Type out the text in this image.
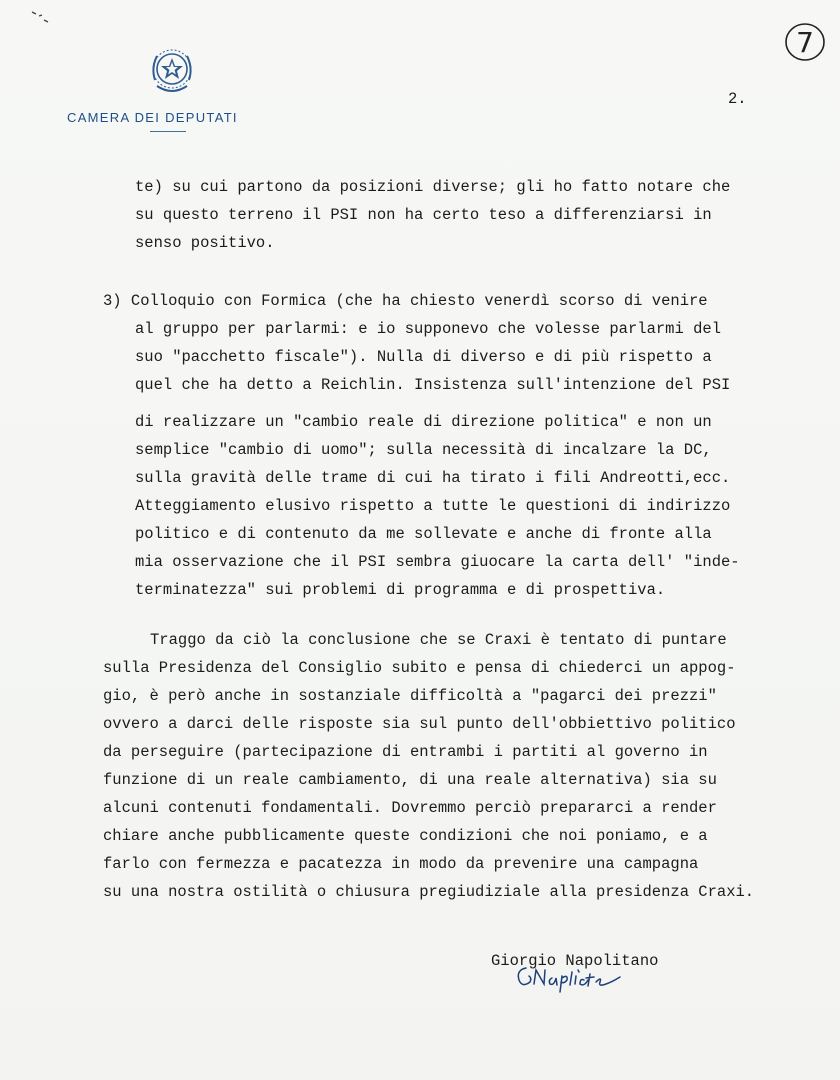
CAMERA DEI DEPUTATI
7
2.
te) su cui partono da posizioni diverse; gli ho fatto notare che
su questo terreno il PSI non ha certo teso a differenziarsi in
senso positivo.
3) Colloquio con Formica (che ha chiesto venerdì scorso di venire
al gruppo per parlarmi: e io supponevo che volesse parlarmi del
suo "pacchetto fiscale"). Nulla di diverso e di più rispetto a
quel che ha detto a Reichlin. Insistenza sull'intenzione del PSI
di realizzare un "cambio reale di direzione politica" e non un
semplice "cambio di uomo"; sulla necessità di incalzare la DC,
sulla gravità delle trame di cui ha tirato i fili Andreotti,ecc.
Atteggiamento elusivo rispetto a tutte le questioni di indirizzo
politico e di contenuto da me sollevate e anche di fronte alla
mia osservazione che il PSI sembra giuocare la carta dell' "inde-
terminatezza" sui problemi di programma e di prospettiva.
Traggo da ciò la conclusione che se Craxi è tentato di puntare
sulla Presidenza del Consiglio subito e pensa di chiederci un appog-
gio, è però anche in sostanziale difficoltà a "pagarci dei prezzi"
ovvero a darci delle risposte sia sul punto dell'obbiettivo politico
da perseguire (partecipazione di entrambi i partiti al governo in
funzione di un reale cambiamento, di una reale alternativa) sia su
alcuni contenuti fondamentali. Dovremmo perciò prepararci a render
chiare anche pubblicamente queste condizioni che noi poniamo, e a
farlo con fermezza e pacatezza in modo da prevenire una campagna
su una nostra ostilità o chiusura pregiudiziale alla presidenza Craxi.
Giorgio Napolitano
